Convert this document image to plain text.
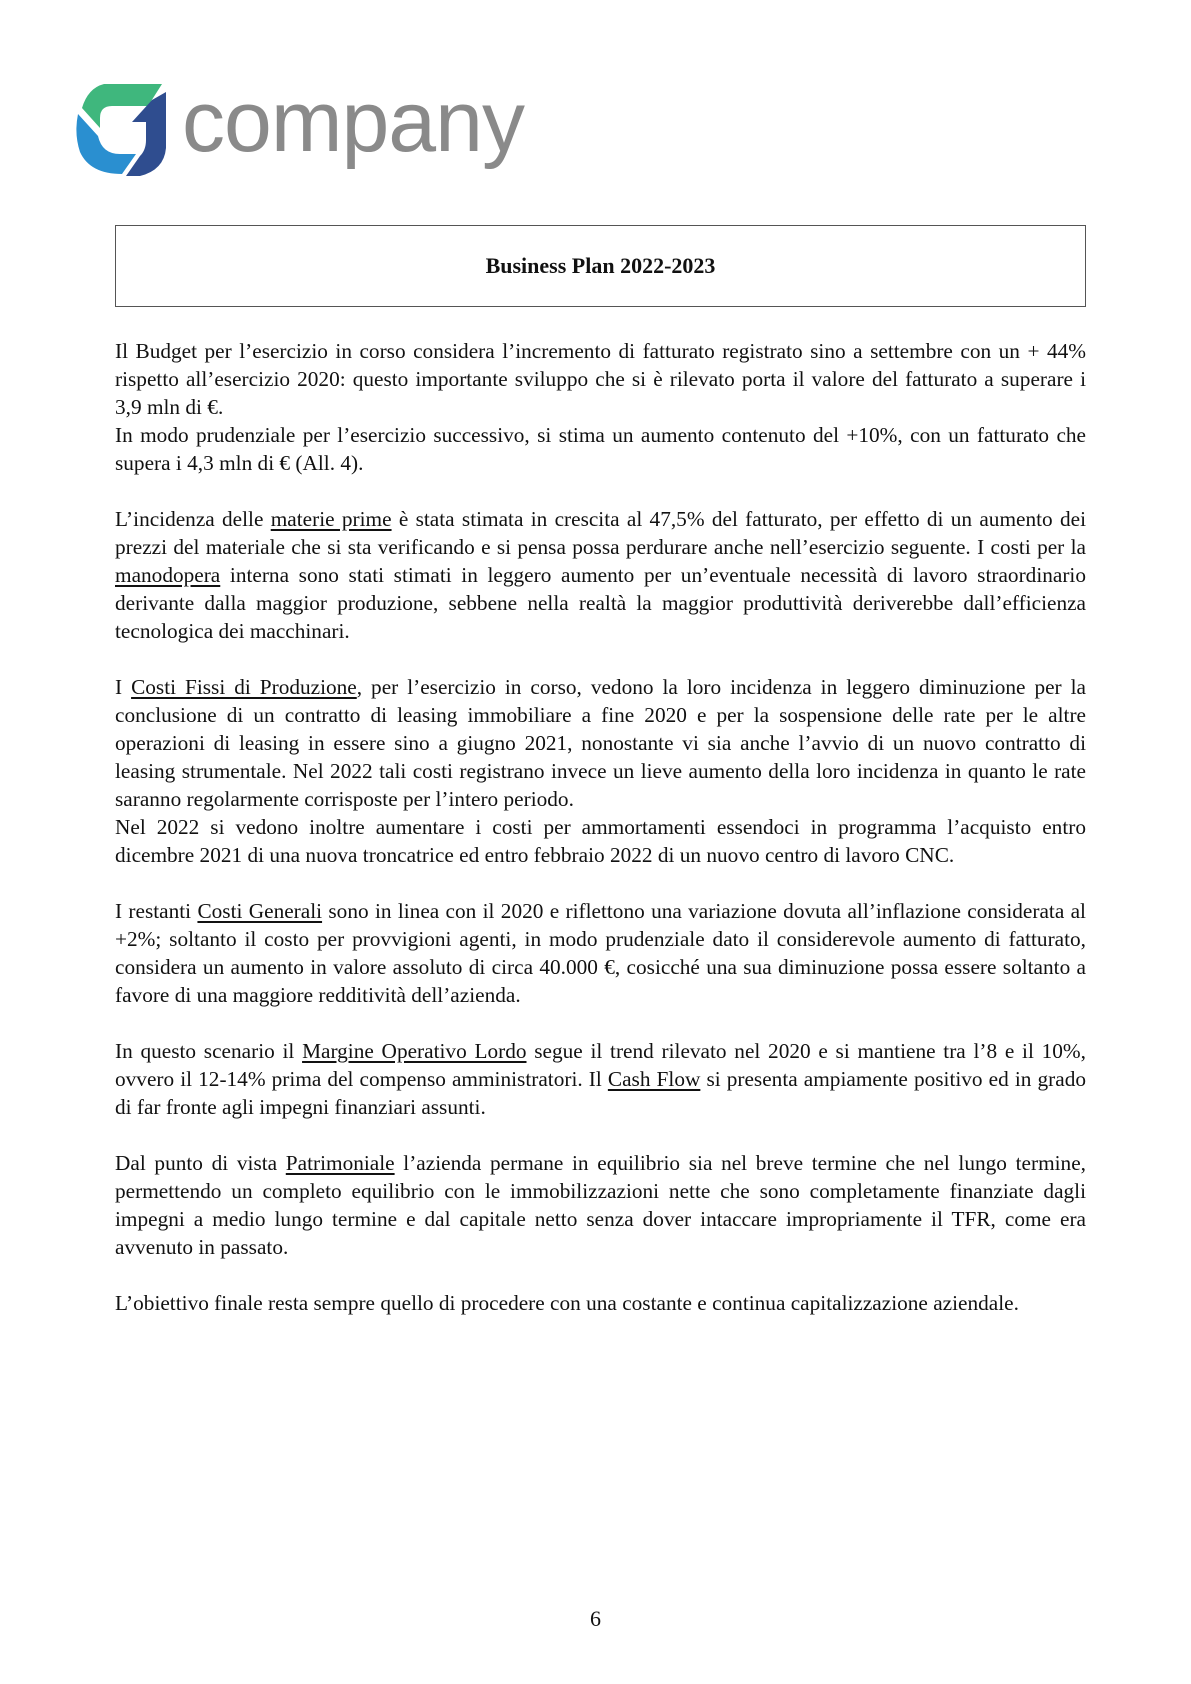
company
Business Plan 2022-2023

Il Budget per l’esercizio in corso considera l’incremento di fatturato registrato sino a settembre con un + 44% rispetto all’esercizio 2020: questo importante sviluppo che si è rilevato porta il valore del fatturato a superare i 3,9 mln di €.

In modo prudenziale per l’esercizio successivo, si stima un aumento contenuto del +10%, con un fatturato che supera i 4,3 mln di € (All. 4).

L’incidenza delle materie prime è stata stimata in crescita al 47,5% del fatturato, per effetto di un aumento dei prezzi del materiale che si sta verificando e si pensa possa perdurare anche nell’esercizio seguente. I costi per la manodopera interna sono stati stimati in leggero aumento per un’eventuale necessità di lavoro straordinario derivante dalla maggior produzione, sebbene nella realtà la maggior produttività deriverebbe dall’efficienza tecnologica dei macchinari.

I Costi Fissi di Produzione, per l’esercizio in corso, vedono la loro incidenza in leggero diminuzione per la conclusione di un contratto di leasing immobiliare a fine 2020 e per la sospensione delle rate per le altre operazioni di leasing in essere sino a giugno 2021, nonostante vi sia anche l’avvio di un nuovo contratto di leasing strumentale. Nel 2022 tali costi registrano invece un lieve aumento della loro incidenza in quanto le rate saranno regolarmente corrisposte per l’intero periodo.

Nel 2022 si vedono inoltre aumentare i costi per ammortamenti essendoci in programma l’acquisto entro dicembre 2021 di una nuova troncatrice ed entro febbraio 2022 di un nuovo centro di lavoro CNC.

I restanti Costi Generali sono in linea con il 2020 e riflettono una variazione dovuta all’inflazione considerata al +2%; soltanto il costo per provvigioni agenti, in modo prudenziale dato il considerevole aumento di fatturato, considera un aumento in valore assoluto di circa 40.000 €, cosicché una sua diminuzione possa essere soltanto a favore di una maggiore redditività dell’azienda.

In questo scenario il Margine Operativo Lordo segue il trend rilevato nel 2020 e si mantiene tra l’8 e il 10%, ovvero il 12-14% prima del compenso amministratori. Il Cash Flow si presenta ampiamente positivo ed in grado di far fronte agli impegni finanziari assunti.

Dal punto di vista Patrimoniale l’azienda permane in equilibrio sia nel breve termine che nel lungo termine, permettendo un completo equilibrio con le immobilizzazioni nette che sono completamente finanziate dagli impegni a medio lungo termine e dal capitale netto senza dover intaccare impropriamente il TFR, come era avvenuto in passato.

L’obiettivo finale resta sempre quello di procedere con una costante e continua capitalizzazione aziendale.

6
